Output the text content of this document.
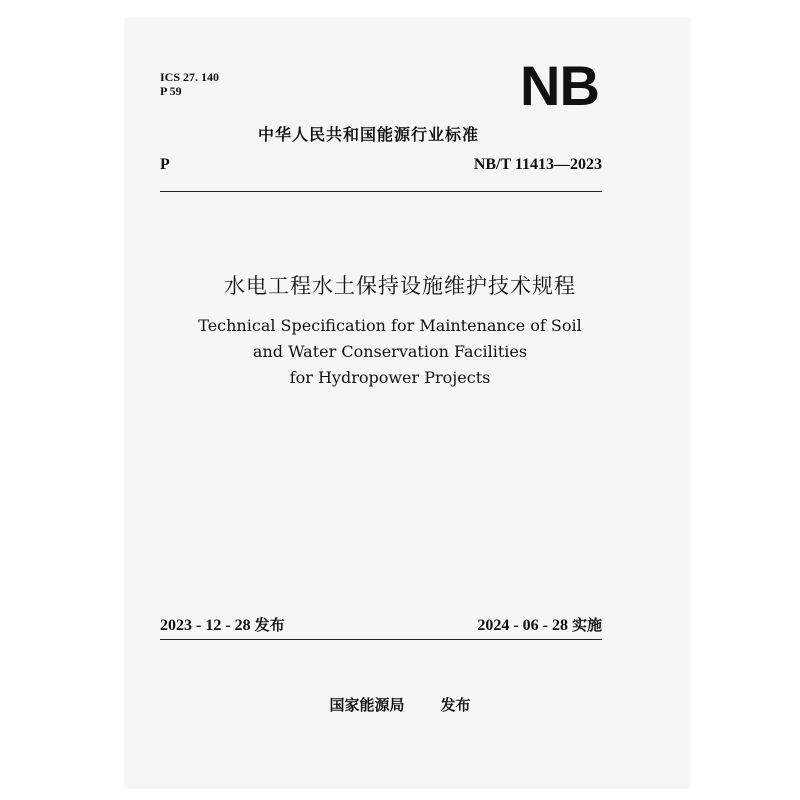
ICS 27. 140
P 59	NB
中华人民共和国能源行业标准
P	NB/T 11413—2023
水电工程水土保持设施维护技术规程
Technical Specification for Maintenance of Soil
and Water Conservation Facilities
for Hydropower Projects
2023 - 12 - 28 发布	2024 - 06 - 28 实施
国家能源局 发布
